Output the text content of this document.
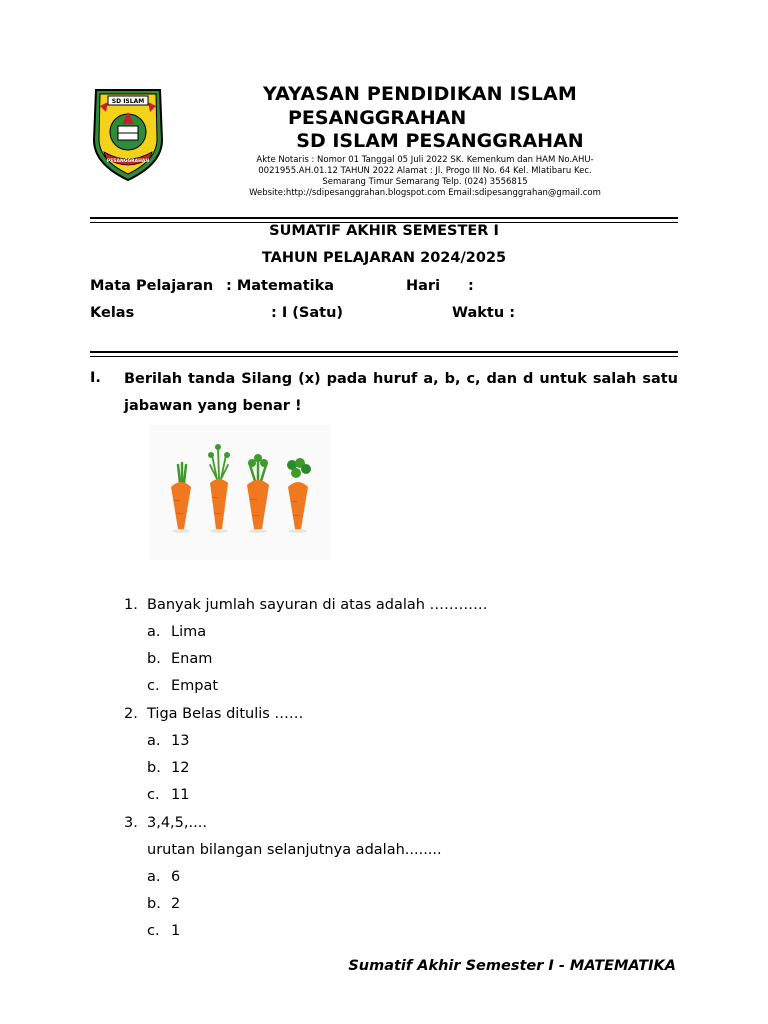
SD ISLAM
PESANGGRAHAN
YAYASAN PENDIDIKAN ISLAM
PESANGGRAHAN
SD ISLAM PESANGGRAHAN
Akte Notaris : Nomor 01 Tanggal 05 Juli 2022 SK. Kemenkum dan HAM No.AHU-
0021955.AH.01.12 TAHUN 2022 Alamat : Jl. Progo III No. 64 Kel. Mlatibaru Kec.
Semarang Timur Semarang Telp. (024) 3556815
Website:http://sdipesanggrahan.blogspot.com Email:sdipesanggrahan@gmail.com
SUMATIF AKHIR SEMESTER I
TAHUN PELAJARAN 2024/2025
Mata Pelajaran : Matematika	Hari :
Kelas	: I (Satu)	Waktu :
I. Berilah tanda Silang (x) pada huruf a, b, c, dan d untuk salah satu jabawan yang benar !
1. Banyak jumlah sayuran di atas adalah …………
a. Lima
b. Enam
c. Empat
2. Tiga Belas ditulis ……
a. 13
b. 12
c. 11
3. 3,4,5,....
urutan bilangan selanjutnya adalah........
a. 6
b. 2
c. 1
Sumatif Akhir Semester I - MATEMATIKA
